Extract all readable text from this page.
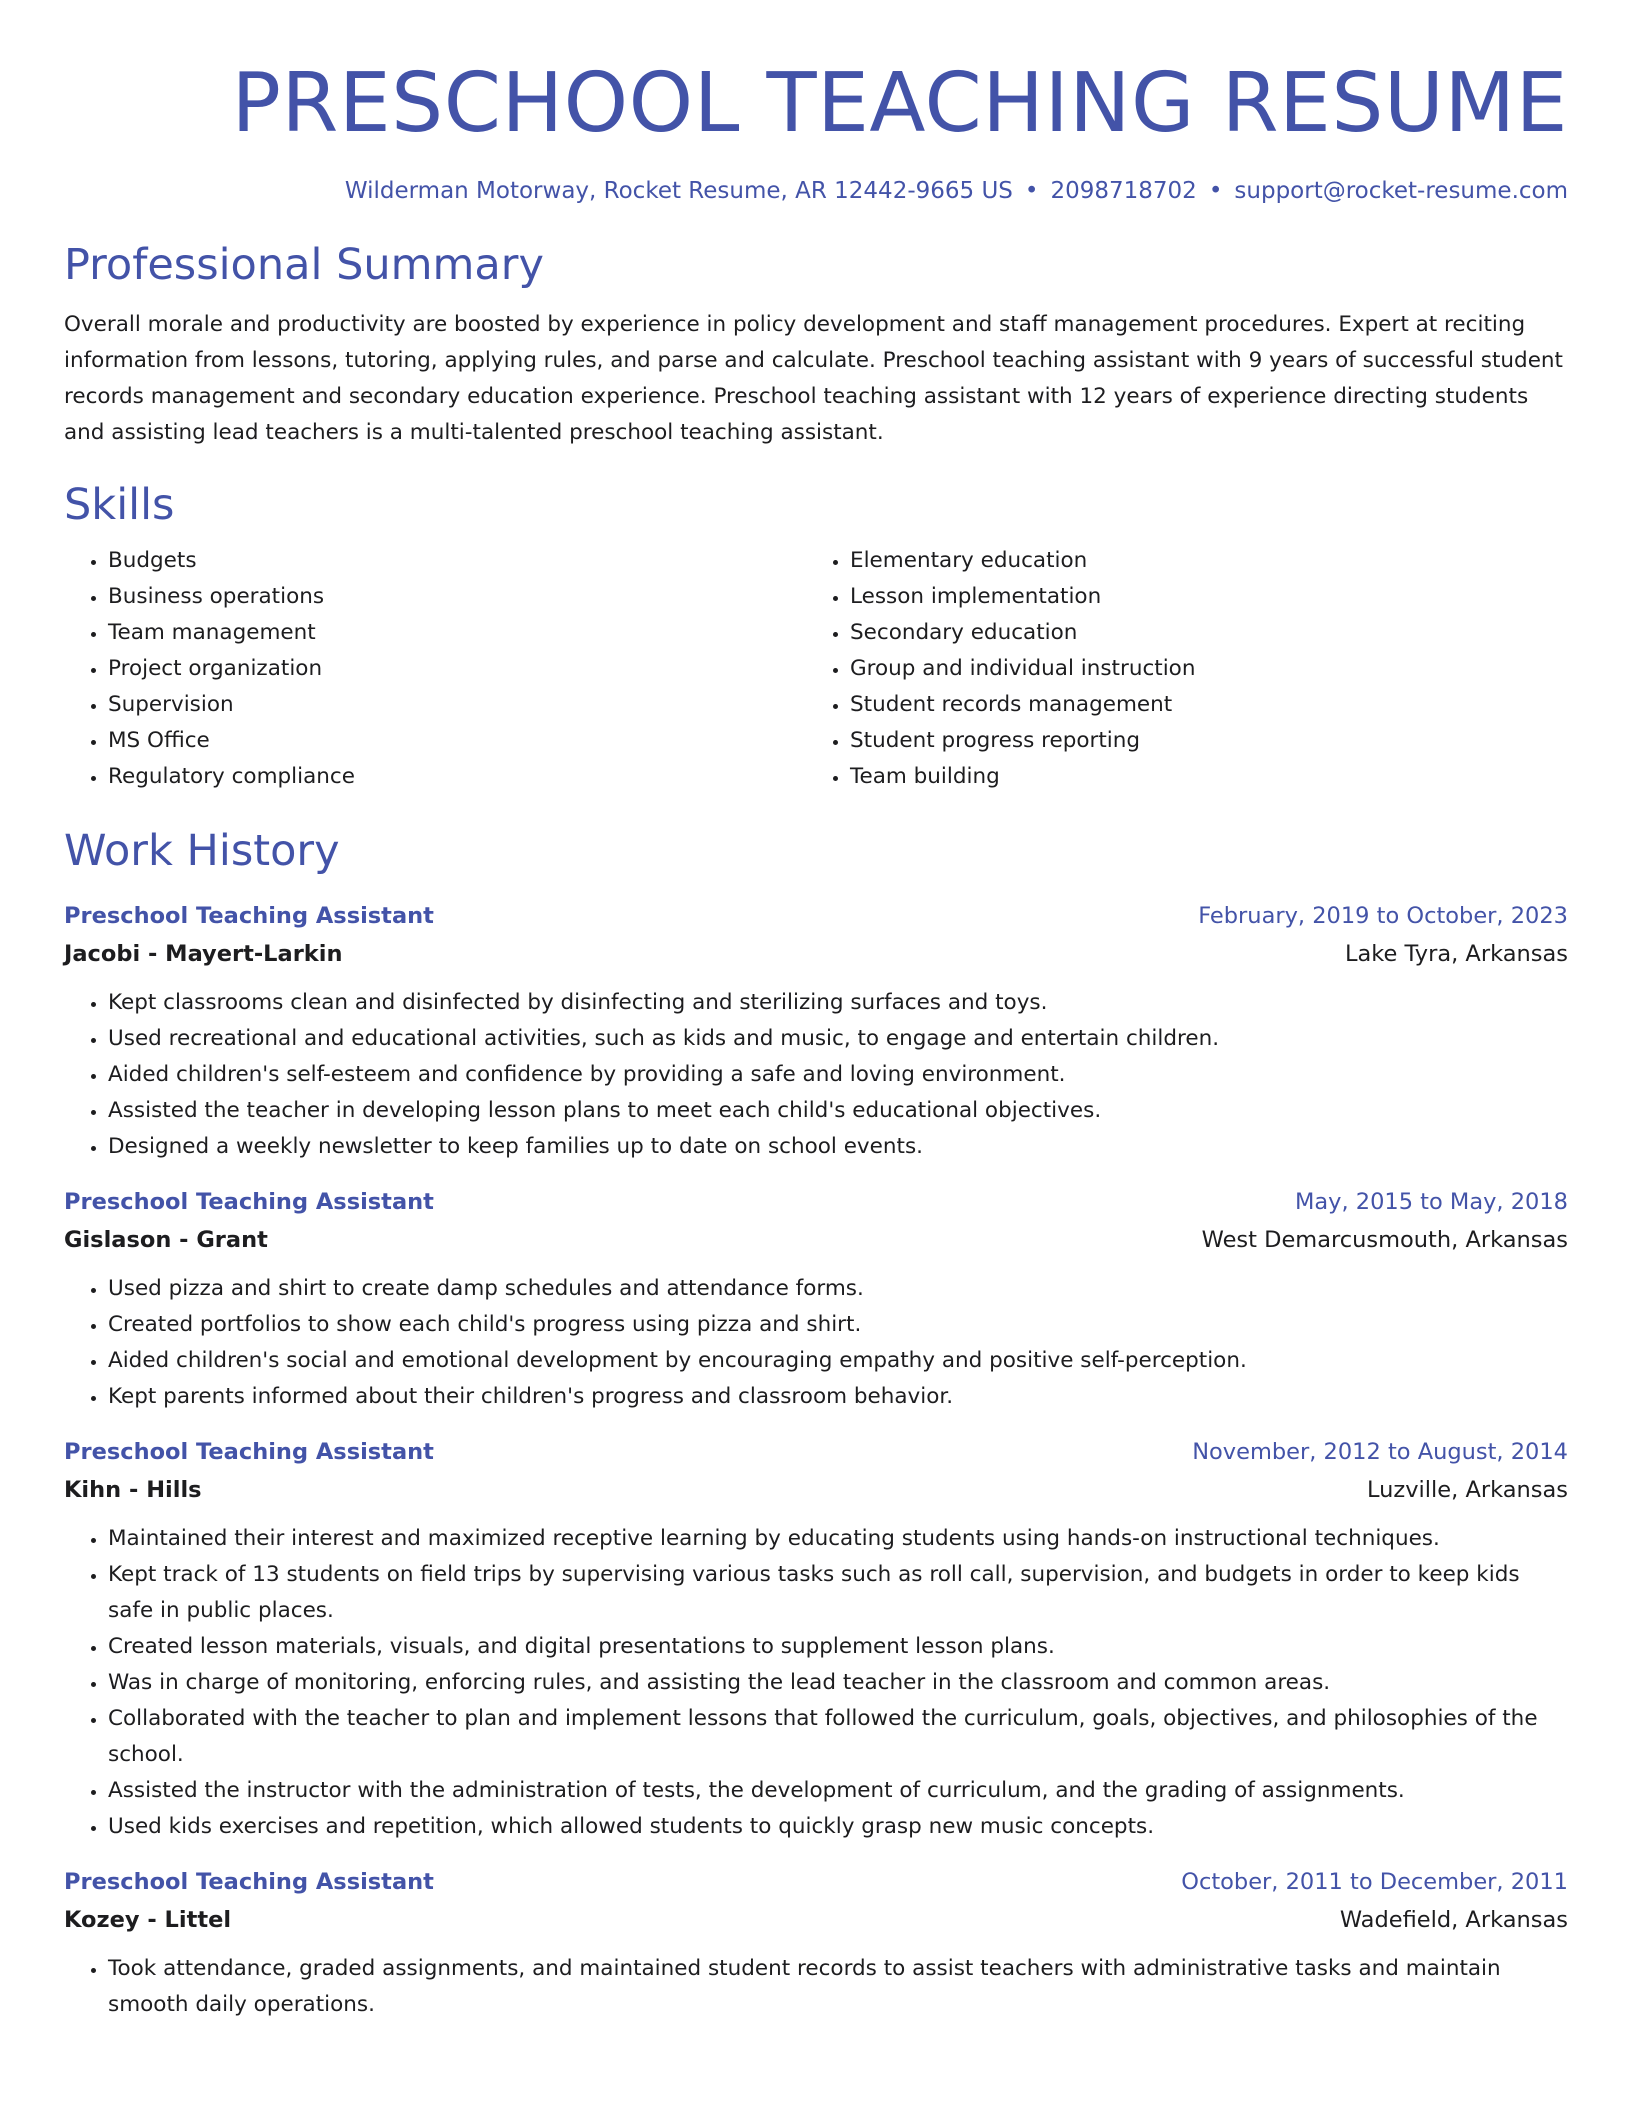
PRESCHOOL TEACHING RESUME
Wilderman Motorway, Rocket Resume, AR 12442-9665 US • 2098718702 • support@rocket-resume.com
Professional Summary

Overall morale and productivity are boosted by experience in policy development and staff management procedures. Expert at reciting information from lessons, tutoring, applying rules, and parse and calculate. Preschool teaching assistant with 9 years of successful student records management and secondary education experience. Preschool teaching assistant with 12 years of experience directing students and assisting lead teachers is a multi-talented preschool teaching assistant.

Skills
• Budgets
• Business operations
• Team management
• Project organization
• Supervision
• MS Office
• Regulatory compliance
• Elementary education
• Lesson implementation
• Secondary education
• Group and individual instruction
• Student records management
• Student progress reporting
• Team building
Work History
Preschool Teaching Assistant	February, 2019 to October, 2023
Jacobi - Mayert-Larkin	Lake Tyra, Arkansas
• Kept classrooms clean and disinfected by disinfecting and sterilizing surfaces and toys.
• Used recreational and educational activities, such as kids and music, to engage and entertain children.
• Aided children's self-esteem and confidence by providing a safe and loving environment.
• Assisted the teacher in developing lesson plans to meet each child's educational objectives.
• Designed a weekly newsletter to keep families up to date on school events.
Preschool Teaching Assistant	May, 2015 to May, 2018
Gislason - Grant	West Demarcusmouth, Arkansas
• Used pizza and shirt to create damp schedules and attendance forms.
• Created portfolios to show each child's progress using pizza and shirt.
• Aided children's social and emotional development by encouraging empathy and positive self-perception.
• Kept parents informed about their children's progress and classroom behavior.
Preschool Teaching Assistant	November, 2012 to August, 2014
Kihn - Hills	Luzville, Arkansas
• Maintained their interest and maximized receptive learning by educating students using hands-on instructional techniques.
• Kept track of 13 students on field trips by supervising various tasks such as roll call, supervision, and budgets in order to keep kids safe in public places.
• Created lesson materials, visuals, and digital presentations to supplement lesson plans.
• Was in charge of monitoring, enforcing rules, and assisting the lead teacher in the classroom and common areas.
• Collaborated with the teacher to plan and implement lessons that followed the curriculum, goals, objectives, and philosophies of the school.
• Assisted the instructor with the administration of tests, the development of curriculum, and the grading of assignments.
• Used kids exercises and repetition, which allowed students to quickly grasp new music concepts.
Preschool Teaching Assistant	October, 2011 to December, 2011
Kozey - Littel	Wadefield, Arkansas
• Took attendance, graded assignments, and maintained student records to assist teachers with administrative tasks and maintain smooth daily operations.
